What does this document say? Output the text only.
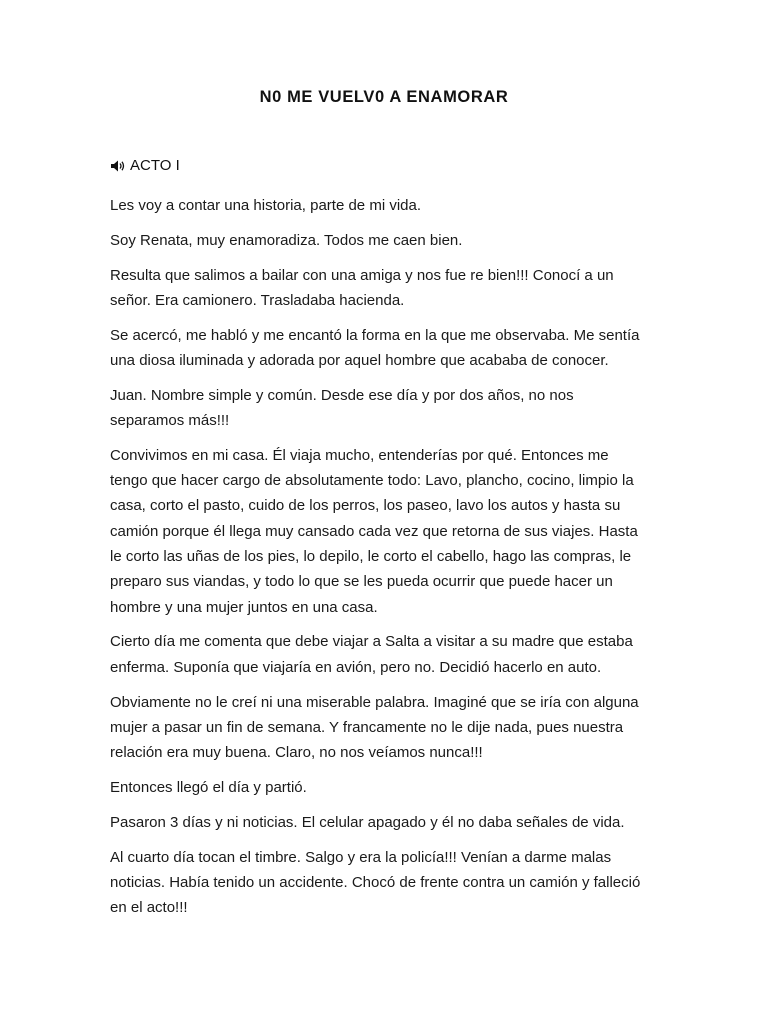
N0 ME VUELV0 A ENAMORAR
ACTO I

Les voy a contar una historia, parte de mi vida.

Soy Renata, muy enamoradiza. Todos me caen bien.

Resulta que salimos a bailar con una amiga y nos fue re bien!!! Conocí a un
señor. Era camionero. Trasladaba hacienda.

Se acercó, me habló y me encantó la forma en la que me observaba. Me sentía
una diosa iluminada y adorada por aquel hombre que acababa de conocer.

Juan. Nombre simple y común. Desde ese día y por dos años, no nos
separamos más!!!

Convivimos en mi casa. Él viaja mucho, entenderías por qué. Entonces me
tengo que hacer cargo de absolutamente todo: Lavo, plancho, cocino, limpio la
casa, corto el pasto, cuido de los perros, los paseo, lavo los autos y hasta su
camión porque él llega muy cansado cada vez que retorna de sus viajes. Hasta
le corto las uñas de los pies, lo depilo, le corto el cabello, hago las compras, le
preparo sus viandas, y todo lo que se les pueda ocurrir que puede hacer un
hombre y una mujer juntos en una casa.

Cierto día me comenta que debe viajar a Salta a visitar a su madre que estaba
enferma. Suponía que viajaría en avión, pero no. Decidió hacerlo en auto.

Obviamente no le creí ni una miserable palabra. Imaginé que se iría con alguna
mujer a pasar un fin de semana. Y francamente no le dije nada, pues nuestra
relación era muy buena. Claro, no nos veíamos nunca!!!

Entonces llegó el día y partió.

Pasaron 3 días y ni noticias. El celular apagado y él no daba señales de vida.

Al cuarto día tocan el timbre. Salgo y era la policía!!! Venían a darme malas
noticias. Había tenido un accidente. Chocó de frente contra un camión y falleció
en el acto!!!
